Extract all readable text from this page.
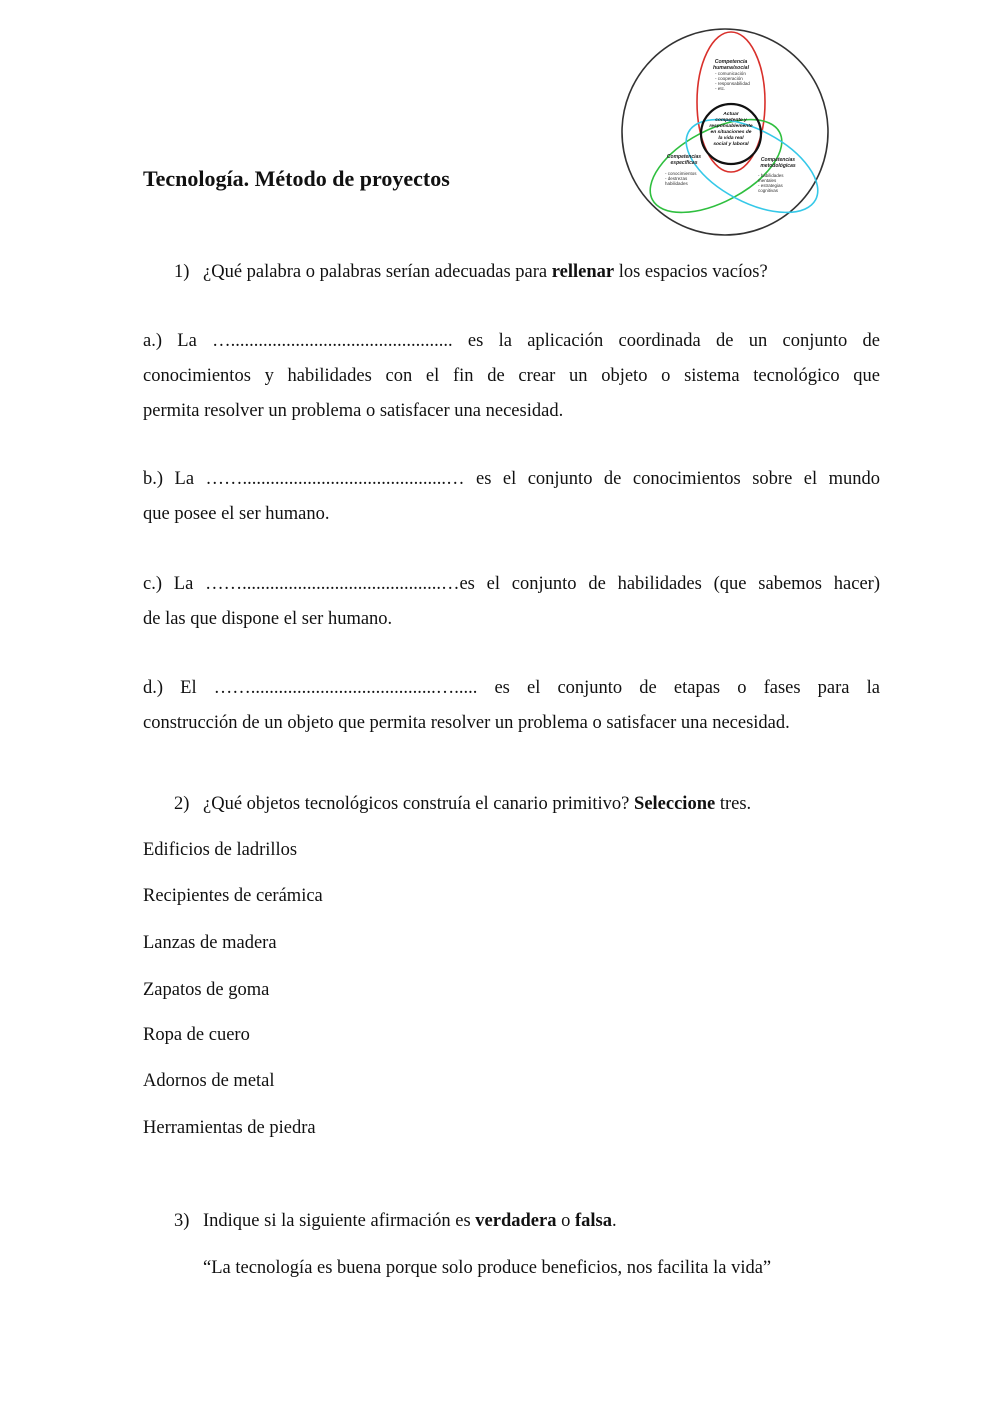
Tecnología. Método de proyectos
Competencia
humana/social
- comunicación
- cooperación
- responsabilidad
- etc.
Actuar
competente y
responsablemente
en situaciones de
la vida real
social y laboral
Competencias
específicas	Competencias
metodológicas
- conocimientos
- destrezas
habilidades
- habilidades
mentales
- estrategias
cognitivas
1) ¿Qué palabra o palabras serían adecuadas para rellenar los espacios vacíos?
a.) La …................................................ es la aplicación coordinada de un conjunto de
conocimientos y habilidades con el fin de crear un objeto o sistema tecnológico que
permita resolver un problema o satisfacer una necesidad.
b.) La ……............................................… es el conjunto de conocimientos sobre el mundo
que posee el ser humano.
c.) La ……...........................................…es el conjunto de habilidades (que sabemos hacer)
de las que dispone el ser humano.
d.) El ……........................................…..... es el conjunto de etapas o fases para la
construcción de un objeto que permita resolver un problema o satisfacer una necesidad.
2) ¿Qué objetos tecnológicos construía el canario primitivo? Seleccione tres.
Edificios de ladrillos
Recipientes de cerámica
Lanzas de madera
Zapatos de goma
Ropa de cuero
Adornos de metal
Herramientas de piedra
3) Indique si la siguiente afirmación es verdadera o falsa.
“La tecnología es buena porque solo produce beneficios, nos facilita la vida”
